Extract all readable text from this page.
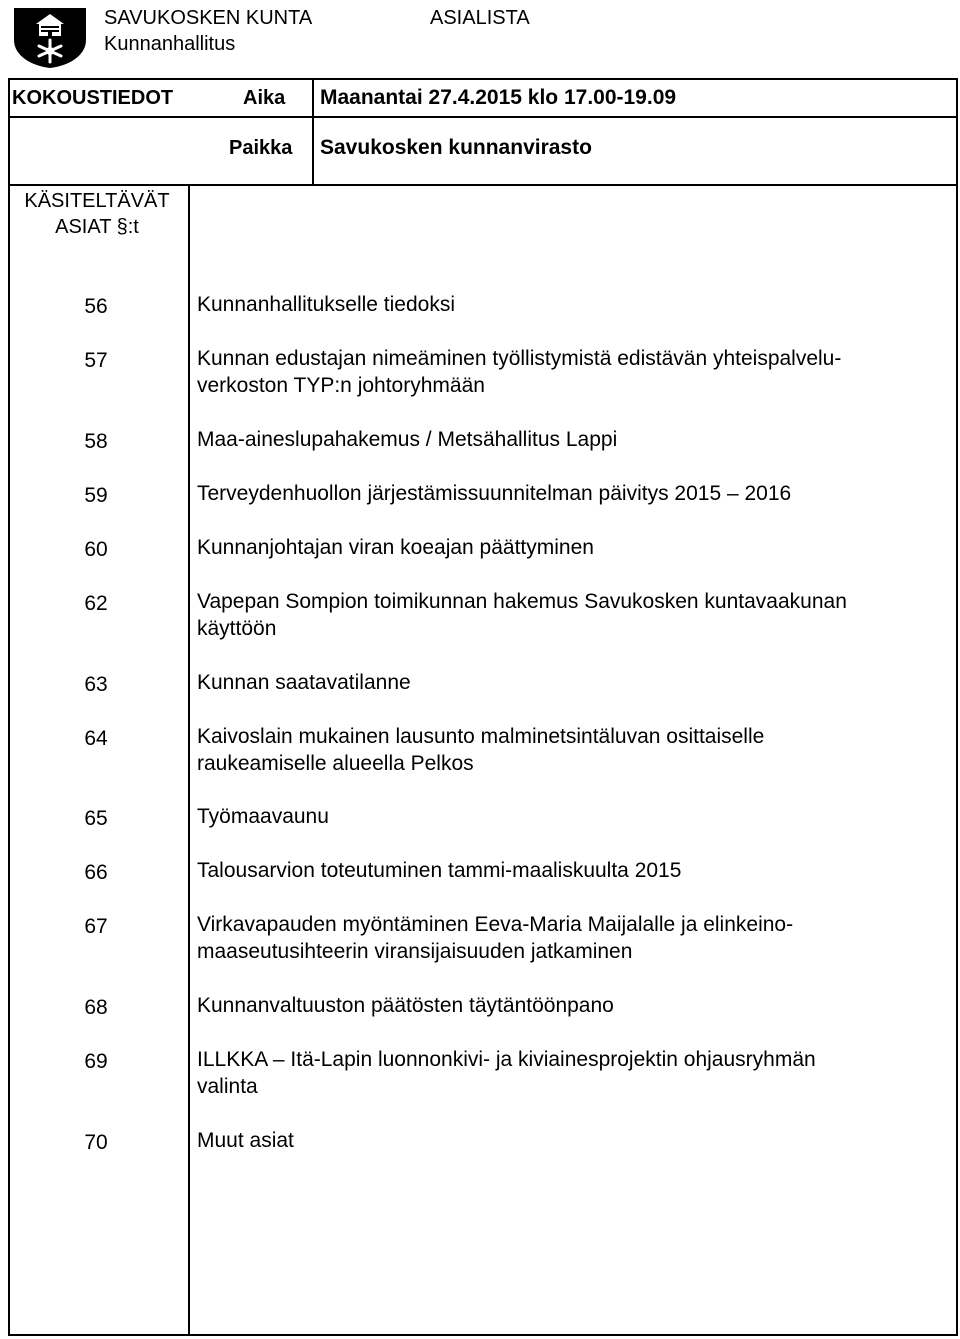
SAVUKOSKEN KUNTA
Kunnanhallitus
ASIALISTA
KOKOUSTIEDOT	Aika Maanantai 27.4.2015 klo 17.00-19.09
Paikka Savukosken kunnanvirasto
KÄSITELTÄVÄT
ASIAT §:t
56	Kunnanhallitukselle tiedoksi
57	Kunnan edustajan nimeäminen työllistymistä edistävän yhteispalvelu-
verkoston TYP:n johtoryhmään
58	Maa-aineslupahakemus / Metsähallitus Lappi
59	Terveydenhuollon järjestämissuunnitelman päivitys 2015 – 2016
60	Kunnanjohtajan viran koeajan päättyminen
62	Vapepan Sompion toimikunnan hakemus Savukosken kuntavaakunan
käyttöön
63	Kunnan saatavatilanne
64	Kaivoslain mukainen lausunto malminetsintäluvan osittaiselle
raukeamiselle alueella Pelkos
65	Työmaavaunu
66	Talousarvion toteutuminen tammi-maaliskuulta 2015
67	Virkavapauden myöntäminen Eeva-Maria Maijalalle ja elinkeino-
maaseutusihteerin viransijaisuuden jatkaminen
68	Kunnanvaltuuston päätösten täytäntöönpano
69	ILLKKA – Itä-Lapin luonnonkivi- ja kiviainesprojektin ohjausryhmän
valinta
70	Muut asiat
